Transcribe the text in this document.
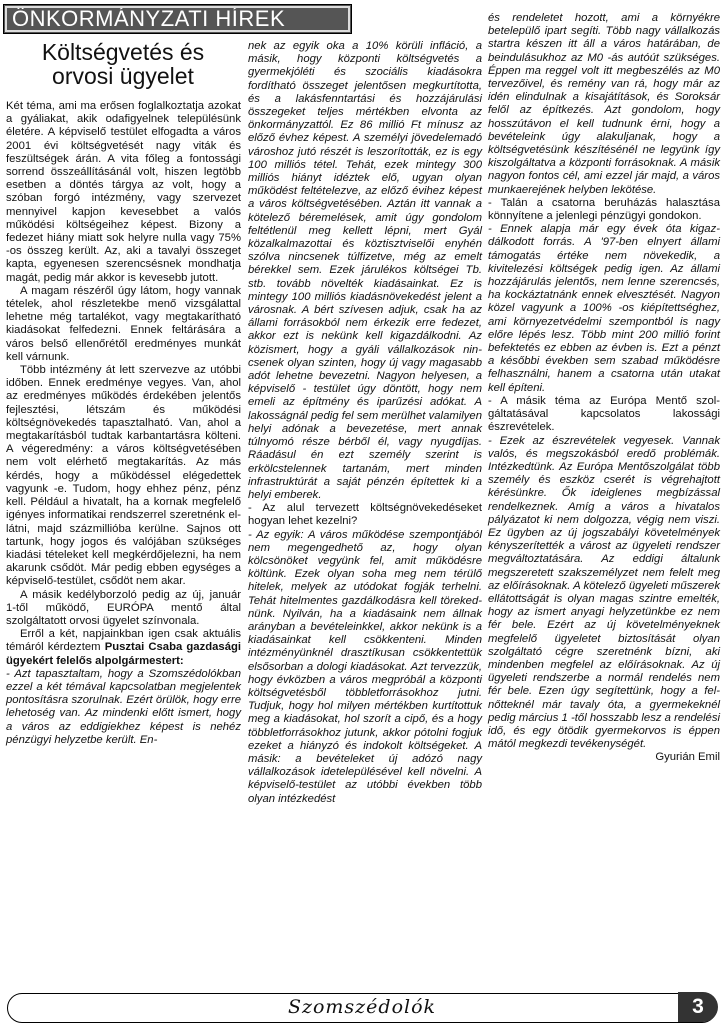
ÖNKORMÁNYZATI HÍREK
Költségvetés és
orvosi ügyelet

Két téma, ami ma erősen foglalkoztatja azokat a gyáliakat, akik odafigyelnek településünk életére. A képviselő testület elfogadta a város 2001 évi költségvetését nagy viták és feszültségek árán. A vita főleg a fontossági sorrend összeállításánál volt, hiszen legtöbb esetben a döntés tárgya az volt, hogy a szóban forgó intézmény, vagy szervezet mennyivel kapjon kevesebbet a valós működési költségeihez képest. Bizony a fedezet hiány miatt sok helyre nulla vagy 75% -os összeg került. Az, aki a tavalyi összeget kapta, egyenesen szerencsésnek mondhatja magát, pedig már akkor is kevesebb jutott.

A magam részéről úgy látom, hogy vannak tételek, ahol részletekbe menő vizsgálattal lehetne még tartalékot, vagy megtakarítható kiadásokat felfedezni. Ennek feltárására a város belső ellenőrétől eredményes munkát kell várnunk.

Több intézmény át lett szervezve az utóbbi időben. Ennek eredménye vegyes. Van, ahol az eredményes működés érdekében jelentős fejlesztési, létszám és működési költségnövekedés tapasztalható. Van, ahol a megtakarításból tudtak karbantartásra költeni. A végeredmény: a város költségvetésében nem volt elérhető megtakarítás. Az más kérdés, hogy a működéssel elégedettek vagyunk -e. Tudom, hogy ehhez pénz, pénz kell. Például a hivatalt, ha a kornak megfelelő igényes informatikai rendszerrel szeretnénk ellátni, majd százmillióba kerülne. Sajnos ott tartunk, hogy jogos és valójában szükséges kiadási tételeket kell megkérdőjelezni, ha nem akarunk csődöt. Már pedig ebben egységes a képviselő-testület, csődöt nem akar.

A másik kedélyborzoló pedig az új, január 1-től működő, EURÓPA mentő által szolgáltatott orvosi ügyelet színvonala.

Erről a két, napjainkban igen csak aktuális témáról kérdeztem Pusztai Csaba gazdasági ügyekért felelős alpolgármestert:

- Azt tapasztaltam, hogy a Szomszédolókban ezzel a két témával kapcsolatban megjelentek pontosításra szorulnak. Ezért örülök, hogy erre lehetoség van. Az mindenki előtt ismert, hogy a város az eddigiekhez képest is nehéz pénzügyi helyzetbe került. En-

nek az egyik oka a 10% körüli infláció, a másik, hogy központi költségvetés a gyermekjóléti és szociális kiadásokra fordítható összeget jelentősen megkurtította, és a lakásfenntartási és hozzájárulási összegeket teljes mértékben elvonta az önkormányzattól. Ez 86 millió Ft mínusz az előző évhez képest. A személyi jövedelemadó városhoz jutó részét is leszorították, ez is egy 100 milliós tétel. Tehát, ezek mintegy 300 milliós hiányt idéztek elő, ugyan olyan működést feltételezve, az előző évihez képest a város költségvetésében. Aztán itt vannak a kötelező béremelések, amit úgy gondolom feltétlenül meg kellett lépni, mert Gyál közalkalmazottai és köztisztviselői enyhén szólva nincsenek túlfizetve, még az emelt bérekkel sem. Ezek járulékos költségei Tb. stb. tovább növelték kiadásainkat. Ez is mintegy 100 milliós kiadásnövekedést jelent a városnak. A bért szívesen adjuk, csak ha az állami forrásokból nem érkezik erre fedezet, akkor ezt is nekünk kell kigazdálkodni. Az közismert, hogy a gyáli vállalkozások nincsenek olyan szinten, hogy új vagy magasabb adót lehetne bevezetni. Nagyon helyesen, a képviselő - testület úgy döntött, hogy nem emeli az építmény és iparűzési adókat. A lakosságnál pedig fel sem merülhet valamilyen helyi adónak a bevezetése, mert annak túlnyomó része bérből él, vagy nyugdíjas. Ráadásul én ezt személy szerint is erkölcstelennek tartanám, mert minden infrastruktúrát a saját pénzén építettek ki a helyi emberek.

- Az alul tervezett költségnövekedéseket hogyan lehet kezelni?

- Az egyik: A város működése szempontjából nem megengedhető az, hogy olyan kölcsönöket vegyünk fel, amit működésre költünk. Ezek olyan soha meg nem térülő hitelek, melyek az utódokat fogják terhelni. Tehát hitelmentes gazdálkodásra kell törekednünk. Nyilván, ha a kiadásaink nem állnak arányban a bevételeinkkel, akkor nekünk is a kiadásainkat kell csökkenteni. Minden intézményünknél drasztíkusan csökkentettük elsősorban a dologi kiadásokat. Azt tervezzük, hogy évközben a város megpróbál a központi költségvetésből többletforrásokhoz jutni. Tudjuk, hogy hol milyen mértékben kurtítottuk meg a kiadásokat, hol szorít a cipő, és a hogy többletforrásokhoz jutunk, akkor pótolni fogjuk ezeket a hiányzó és indokolt költségeket. A másik: a bevételeket új adózó nagy vállalkozások idetelepülésével kell növelni. A képviselő-testület az utóbbi években több olyan intézkedést

és rendeletet hozott, ami a környékre betelepülő ipart segíti. Több nagy vállalkozás startra készen itt áll a város határában, de beindulásukhoz az M0 -ás autóút szükséges. Éppen ma reggel volt itt megbeszélés az M0 tervezőivel, és remény van rá, hogy már az idén elindulnak a kisajátítások, és Soroksár felől az építkezés. Azt gondolom, hogy hosszútávon el kell tudnunk érni, hogy a bevételeink úgy alakuljanak, hogy a költségvetésünk készítésénél ne legyünk így kiszolgáltatva a központi forrásoknak. A másik nagyon fontos cél, ami ezzel jár majd, a város munkaerejének helyben lekötése.

- Talán a csatorna beruházás halasztása könnyítene a jelenlegi pénzügyi gondokon.

- Ennek alapja már egy évek óta kigazdálkodott forrás. A '97-ben elnyert állami támogatás értéke nem növekedik, a kivitelezési költségek pedig igen. Az állami hozzájárulás jelentős, nem lenne szerencsés, ha kockáztatnánk ennek elvesztését. Nagyon közel vagyunk a 100% -os kiépítettséghez, ami környezetvédelmi szempontból is nagy előre lépés lesz. Több mint 200 millió forint befektetés ez ebben az évben is. Ezt a pénzt a későbbi években sem szabad működésre felhasználni, hanem a csatorna után utakat kell építeni.

- A másik téma az Európa Mentő szolgáltatásával kapcsolatos lakossági észrevételek.

- Ezek az észrevételek vegyesek. Vannak valós, és megszokásból eredő problémák. Intézkedtünk. Az Európa Mentőszolgálat több személy és eszköz cserét is végrehajtott kérésünkre. Ők ideiglenes megbízással rendelkeznek. Amíg a város a hivatalos pályázatot ki nem dolgozza, végig nem viszi. Ez ügyben az új jogszabályi követelmények kényszerítették a várost az ügyeleti rendszer megváltoztatására. Az eddigi általunk megszeretett szakszemélyzet nem felelt meg az előírásoknak. A kötelező ügyeleti műszerek ellátottságát is olyan magas szintre emelték, hogy az ismert anyagi helyzetünkbe ez nem fér bele. Ezért az új követelményeknek megfelelő ügyeletet biztosítását olyan szolgáltató cégre szeretnénk bízni, aki mindenben megfelel az előírásoknak. Az új ügyeleti rendszerbe a normál rendelés nem fér bele. Ezen úgy segítettünk, hogy a felnőtteknél már tavaly óta, a gyermekeknél pedig március 1 -től hosszabb lesz a rendelési idő, és egy ötödik gyermekorvos is éppen mától megkezdi tevékenységét.

Gyurián Emil

Szomszédolók	3
